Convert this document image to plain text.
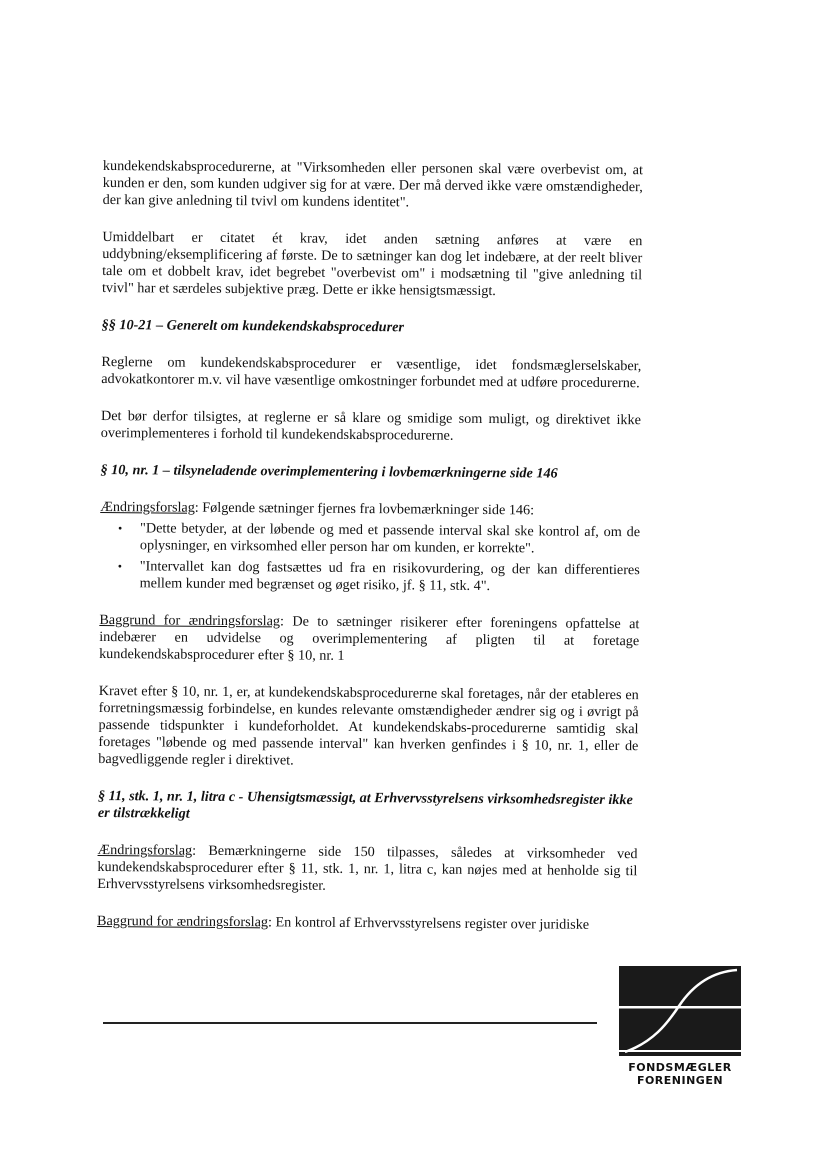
kundekendskabsprocedurerne, at "Virksomheden eller personen skal være overbevist om, at kunden er den, som kunden udgiver sig for at være. Der må derved ikke være omstændigheder, der kan give anledning til tvivl om kundens identitet".

Umiddelbart er citatet ét krav, idet anden sætning anføres at være en uddybning/eksemplificering af første. De to sætninger kan dog let indebære, at der reelt bliver tale om et dobbelt krav, idet begrebet "overbevist om" i modsætning til "give anledning til tvivl" har et særdeles subjektive præg. Dette er ikke hensigtsmæssigt.

§§ 10-21 – Generelt om kundekendskabsprocedurer

Reglerne om kundekendskabsprocedurer er væsentlige, idet fondsmæglerselskaber, advokatkontorer m.v. vil have væsentlige omkostninger forbundet med at udføre procedurerne.

Det bør derfor tilsigtes, at reglerne er så klare og smidige som muligt, og direktivet ikke overimplementeres i forhold til kundekendskabsprocedurerne.

§ 10, nr. 1 – tilsyneladende overimplementering i lovbemærkningerne side 146

Ændringsforslag: Følgende sætninger fjernes fra lovbemærkninger side 146:

• "Dette betyder, at der løbende og med et passende interval skal ske kontrol af, om de oplysninger, en virksomhed eller person har om kunden, er korrekte".
• "Intervallet kan dog fastsættes ud fra en risikovurdering, og der kan differentieres mellem kunder med begrænset og øget risiko, jf. § 11, stk. 4".

Baggrund for ændringsforslag: De to sætninger risikerer efter foreningens opfattelse at indebærer en udvidelse og overimplementering af pligten til at foretage kundekendskabsprocedurer efter § 10, nr. 1

Kravet efter § 10, nr. 1, er, at kundekendskabsprocedurerne skal foretages, når der etableres en forretningsmæssig forbindelse, en kundes relevante omstændigheder ændrer sig og i øvrigt på passende tidspunkter i kundeforholdet. At kundekendskabs-procedurerne samtidig skal foretages "løbende og med passende interval" kan hverken genfindes i § 10, nr. 1, eller de bagvedliggende regler i direktivet.

§ 11, stk. 1, nr. 1, litra c - Uhensigtsmæssigt, at Erhvervsstyrelsens virksomhedsregister ikke er tilstrækkeligt

Ændringsforslag: Bemærkningerne side 150 tilpasses, således at virksomheder ved kundekendskabsprocedurer efter § 11, stk. 1, nr. 1, litra c, kan nøjes med at henholde sig til Erhvervsstyrelsens virksomhedsregister.

Baggrund for ændringsforslag: En kontrol af Erhvervsstyrelsens register over juridiske

FONDSMÆGLER
FORENINGEN
